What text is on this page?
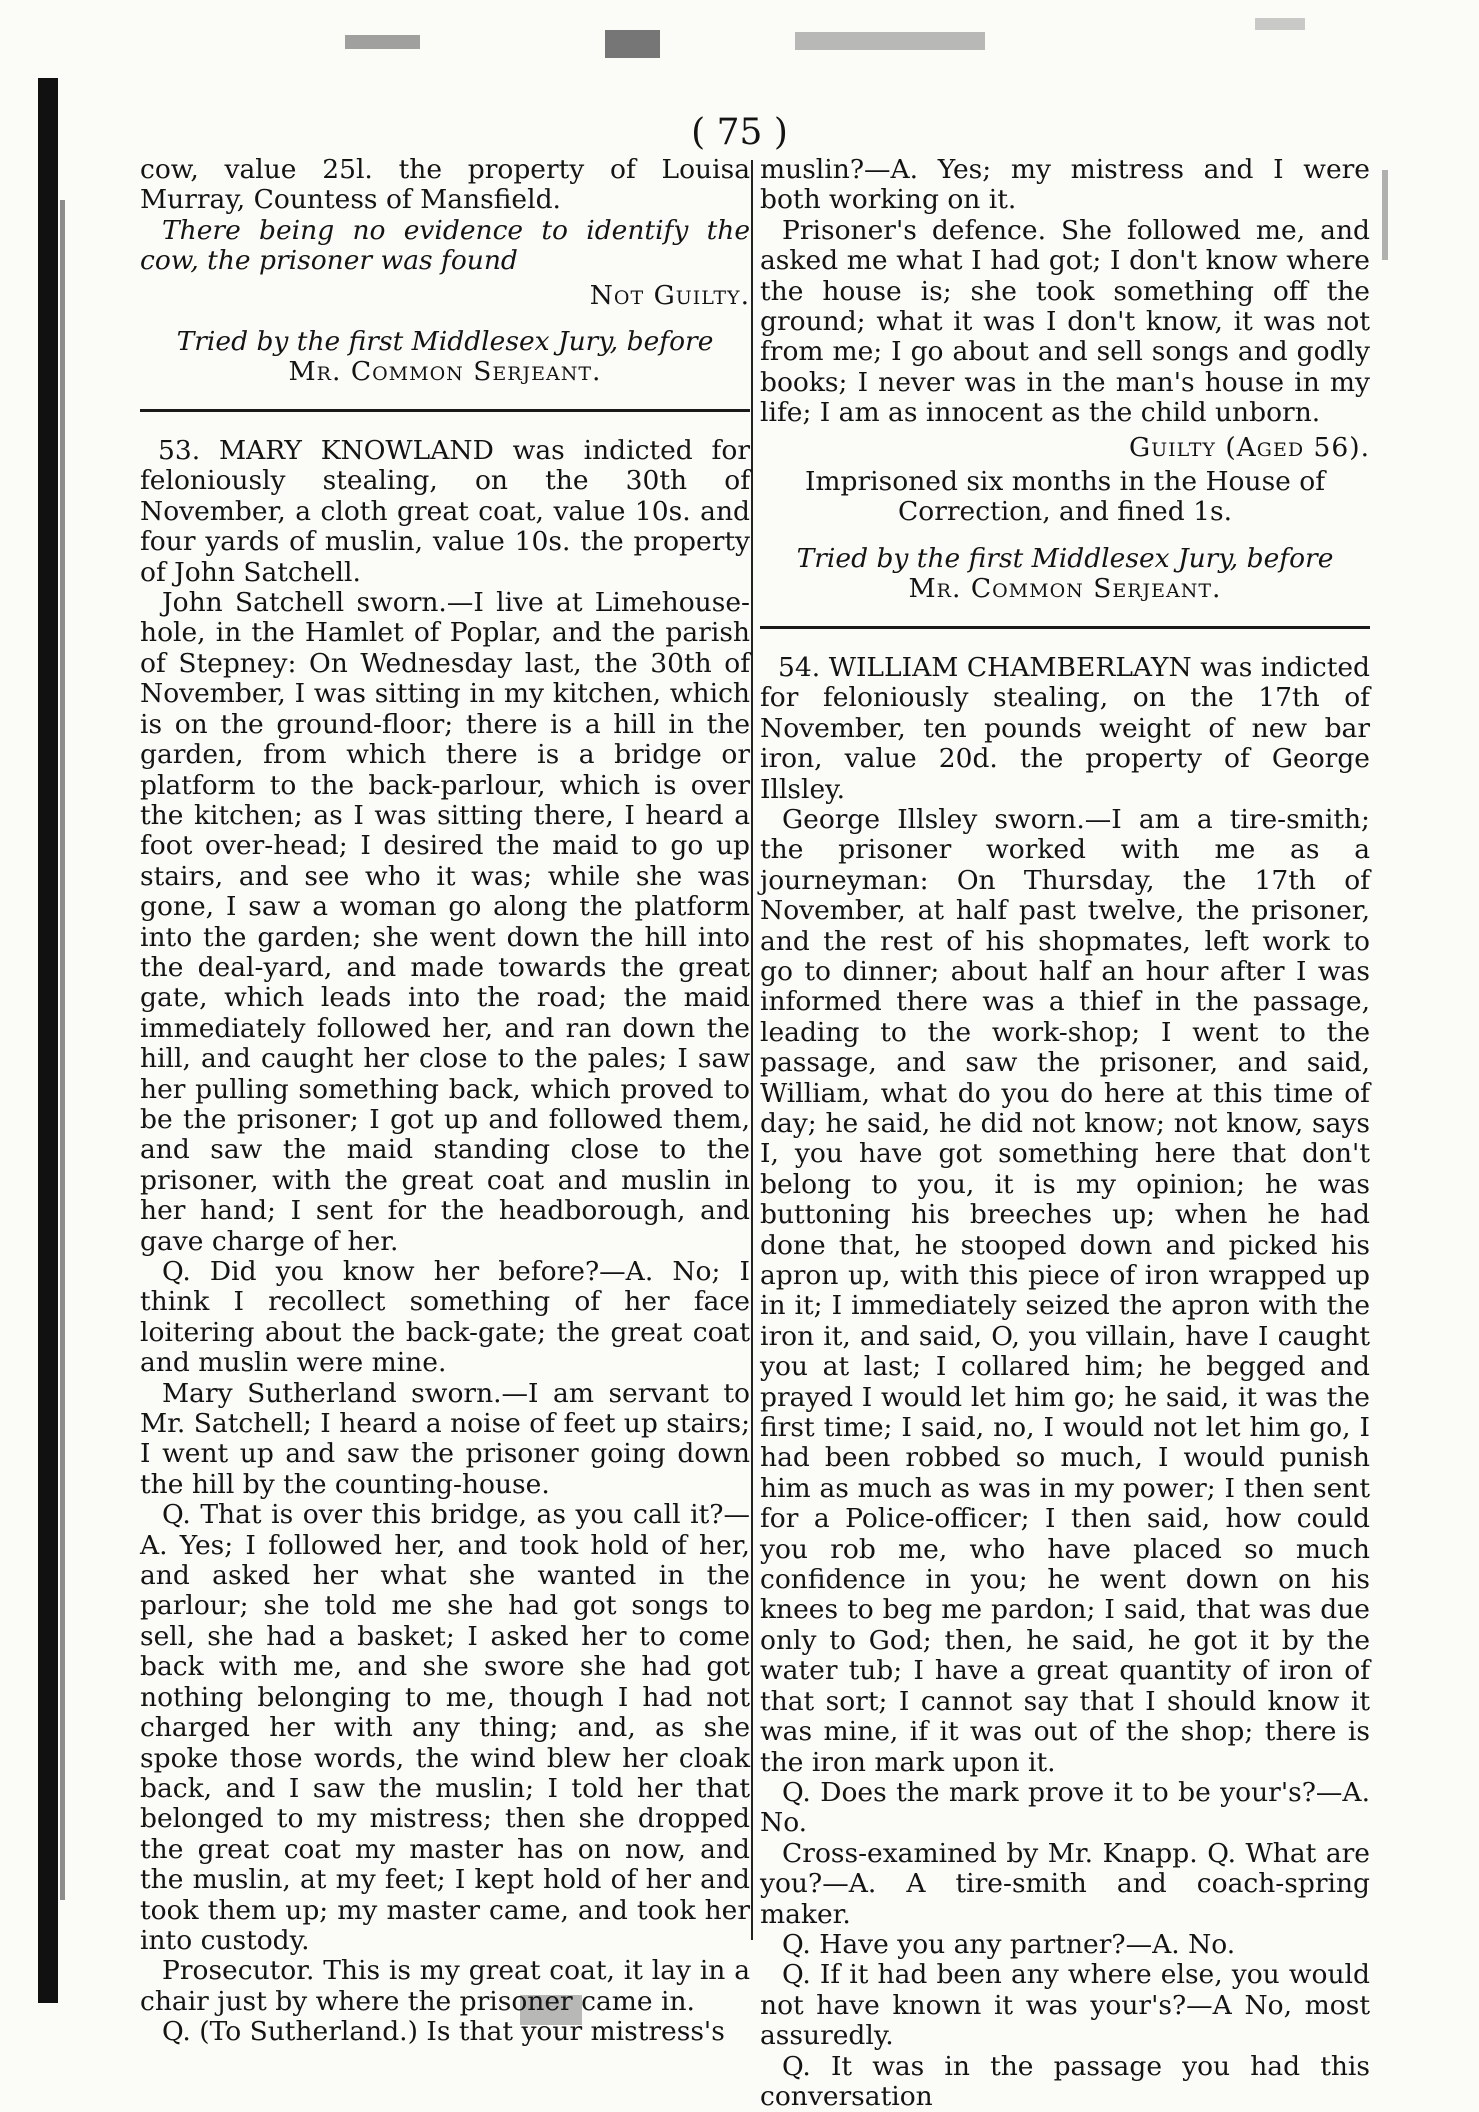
( 75 )

cow, value 25l. the property of Louisa Murray, Countess of Mansfield.

There being no evidence to identify the cow, the prisoner was found

Not Guilty.

Tried by the first Middlesex Jury, before
Mr. Common Serjeant.

53. MARY KNOWLAND was indicted for feloniously stealing, on the 30th of November, a cloth great coat, value 10s. and four yards of muslin, value 10s. the property of John Satchell.

John Satchell sworn.—I live at Limehouse-hole, in the Hamlet of Poplar, and the parish of Stepney: On Wednesday last, the 30th of November, I was sitting in my kitchen, which is on the ground-floor; there is a hill in the garden, from which there is a bridge or platform to the back-parlour, which is over the kitchen; as I was sitting there, I heard a foot over-head; I desired the maid to go up stairs, and see who it was; while she was gone, I saw a woman go along the platform into the garden; she went down the hill into the deal-yard, and made towards the great gate, which leads into the road; the maid immediately followed her, and ran down the hill, and caught her close to the pales; I saw her pulling something back, which proved to be the prisoner; I got up and followed them, and saw the maid standing close to the prisoner, with the great coat and muslin in her hand; I sent for the headborough, and gave charge of her.

Q. Did you know her before?—A. No; I think I recollect something of her face loitering about the back-gate; the great coat and muslin were mine.

Mary Sutherland sworn.—I am servant to Mr. Satchell; I heard a noise of feet up stairs; I went up and saw the prisoner going down the hill by the counting-house.

Q. That is over this bridge, as you call it?—A. Yes; I followed her, and took hold of her, and asked her what she wanted in the parlour; she told me she had got songs to sell, she had a basket; I asked her to come back with me, and she swore she had got nothing belonging to me, though I had not charged her with any thing; and, as she spoke those words, the wind blew her cloak back, and I saw the muslin; I told her that belonged to my mistress; then she dropped the great coat my master has on now, and the muslin, at my feet; I kept hold of her and took them up; my master came, and took her into custody.

Prosecutor. This is my great coat, it lay in a chair just by where the prisoner came in.

Q. (To Sutherland.) Is that your mistress's

muslin?—A. Yes; my mistress and I were both working on it.

Prisoner's defence. She followed me, and asked me what I had got; I don't know where the house is; she took something off the ground; what it was I don't know, it was not from me; I go about and sell songs and godly books; I never was in the man's house in my life; I am as innocent as the child unborn.

Guilty (Aged 56).

Imprisoned six months in the House of Correction, and fined 1s.

Tried by the first Middlesex Jury, before
Mr. Common Serjeant.

54. WILLIAM CHAMBERLAYN was indicted for feloniously stealing, on the 17th of November, ten pounds weight of new bar iron, value 20d. the property of George Illsley.

George Illsley sworn.—I am a tire-smith; the prisoner worked with me as a journeyman: On Thursday, the 17th of November, at half past twelve, the prisoner, and the rest of his shopmates, left work to go to dinner; about half an hour after I was informed there was a thief in the passage, leading to the work-shop; I went to the passage, and saw the prisoner, and said, William, what do you do here at this time of day; he said, he did not know; not know, says I, you have got something here that don't belong to you, it is my opinion; he was buttoning his breeches up; when he had done that, he stooped down and picked his apron up, with this piece of iron wrapped up in it; I immediately seized the apron with the iron it, and said, O, you villain, have I caught you at last; I collared him; he begged and prayed I would let him go; he said, it was the first time; I said, no, I would not let him go, I had been robbed so much, I would punish him as much as was in my power; I then sent for a Police-officer; I then said, how could you rob me, who have placed so much confidence in you; he went down on his knees to beg me pardon; I said, that was due only to God; then, he said, he got it by the water tub; I have a great quantity of iron of that sort; I cannot say that I should know it was mine, if it was out of the shop; there is the iron mark upon it.

Q. Does the mark prove it to be your's?—A. No.

Cross-examined by Mr. Knapp. Q. What are you?—A. A tire-smith and coach-spring maker.

Q. Have you any partner?—A. No.

Q. If it had been any where else, you would not have known it was your's?—A No, most assuredly.

Q. It was in the passage you had this conversation
